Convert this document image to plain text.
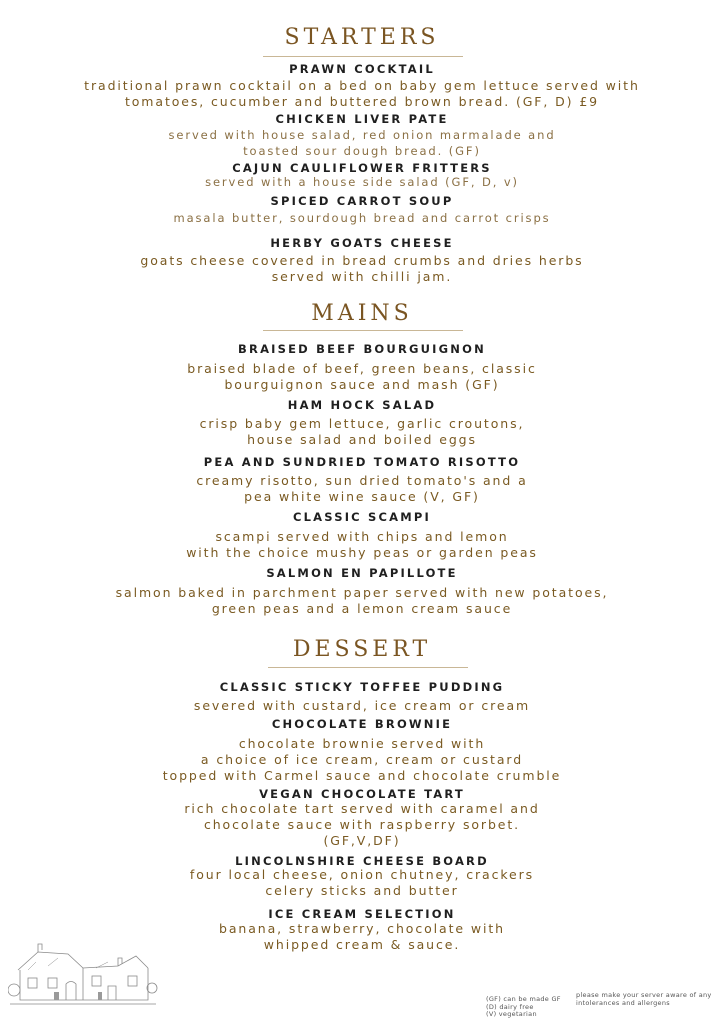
STARTERS
PRAWN COCKTAIL
traditional prawn cocktail on a bed on baby gem lettuce served with
tomatoes, cucumber and buttered brown bread. (GF, D) £9
CHICKEN LIVER PATE
served with house salad, red onion marmalade and
toasted sour dough bread. (GF)
CAJUN CAULIFLOWER FRITTERS
served with a house side salad (GF, D, v)
SPICED CARROT SOUP
masala butter, sourdough bread and carrot crisps
HERBY GOATS CHEESE
goats cheese covered in bread crumbs and dries herbs
served with chilli jam.
MAINS
BRAISED BEEF BOURGUIGNON
braised blade of beef, green beans, classic
bourguignon sauce and mash (GF)
HAM HOCK SALAD
crisp baby gem lettuce, garlic croutons,
house salad and boiled eggs
PEA AND SUNDRIED TOMATO RISOTTO
creamy risotto, sun dried tomato's and a
pea white wine sauce (V, GF)
CLASSIC SCAMPI
scampi served with chips and lemon
with the choice mushy peas or garden peas
SALMON EN PAPILLOTE
salmon baked in parchment paper served with new potatoes,
green peas and a lemon cream sauce
DESSERT
CLASSIC STICKY TOFFEE PUDDING
severed with custard, ice cream or cream
CHOCOLATE BROWNIE
chocolate brownie served with
a choice of ice cream, cream or custard
topped with Carmel sauce and chocolate crumble
VEGAN CHOCOLATE TART
rich chocolate tart served with caramel and
chocolate sauce with raspberry sorbet.
(GF,V,DF)
LINCOLNSHIRE CHEESE BOARD
four local cheese, onion chutney, crackers
celery sticks and butter
ICE CREAM SELECTION
banana, strawberry, chocolate with
whipped cream & sauce.
(GF) can be made GF
(D) dairy free
(V) vegetarian
please make your server aware of any
intolerances and allergens
